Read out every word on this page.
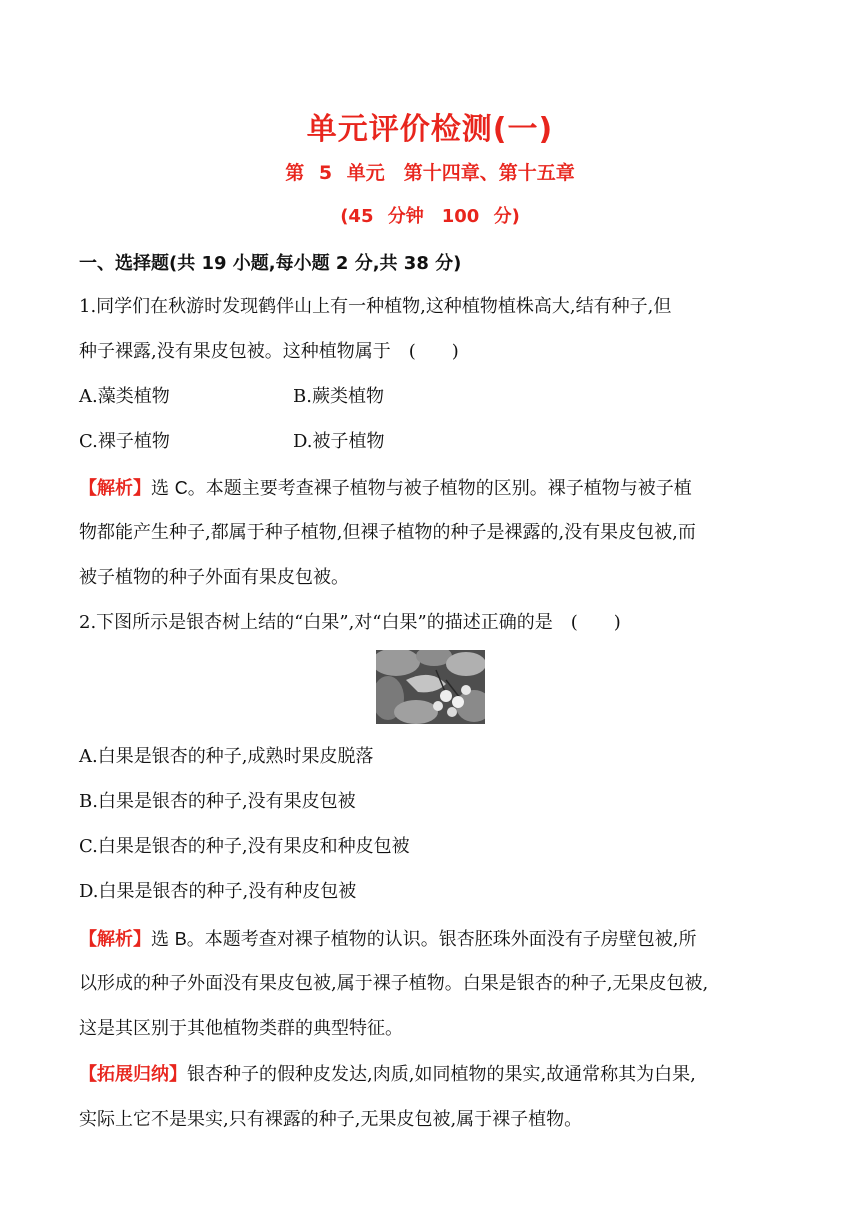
单元评价检测(一)
第 5 单元　第十四章、第十五章
(45 分钟　100 分)
一、选择题(共 19 小题,每小题 2 分,共 38 分)
1.同学们在秋游时发现鹤伴山上有一种植物,这种植物植株高大,结有种子,但
种子裸露,没有果皮包被。这种植物属于　(　　)
A.藻类植物	B.蕨类植物
C.裸子植物	D.被子植物
【解析】选 C。本题主要考查裸子植物与被子植物的区别。裸子植物与被子植
物都能产生种子,都属于种子植物,但裸子植物的种子是裸露的,没有果皮包被,而
被子植物的种子外面有果皮包被。
2.下图所示是银杏树上结的“白果”,对“白果”的描述正确的是　(　　)
A.白果是银杏的种子,成熟时果皮脱落
B.白果是银杏的种子,没有果皮包被
C.白果是银杏的种子,没有果皮和种皮包被
D.白果是银杏的种子,没有种皮包被
【解析】选 B。本题考查对裸子植物的认识。银杏胚珠外面没有子房壁包被,所
以形成的种子外面没有果皮包被,属于裸子植物。白果是银杏的种子,无果皮包被,
这是其区别于其他植物类群的典型特征。
【拓展归纳】银杏种子的假种皮发达,肉质,如同植物的果实,故通常称其为白果,
实际上它不是果实,只有裸露的种子,无果皮包被,属于裸子植物。
